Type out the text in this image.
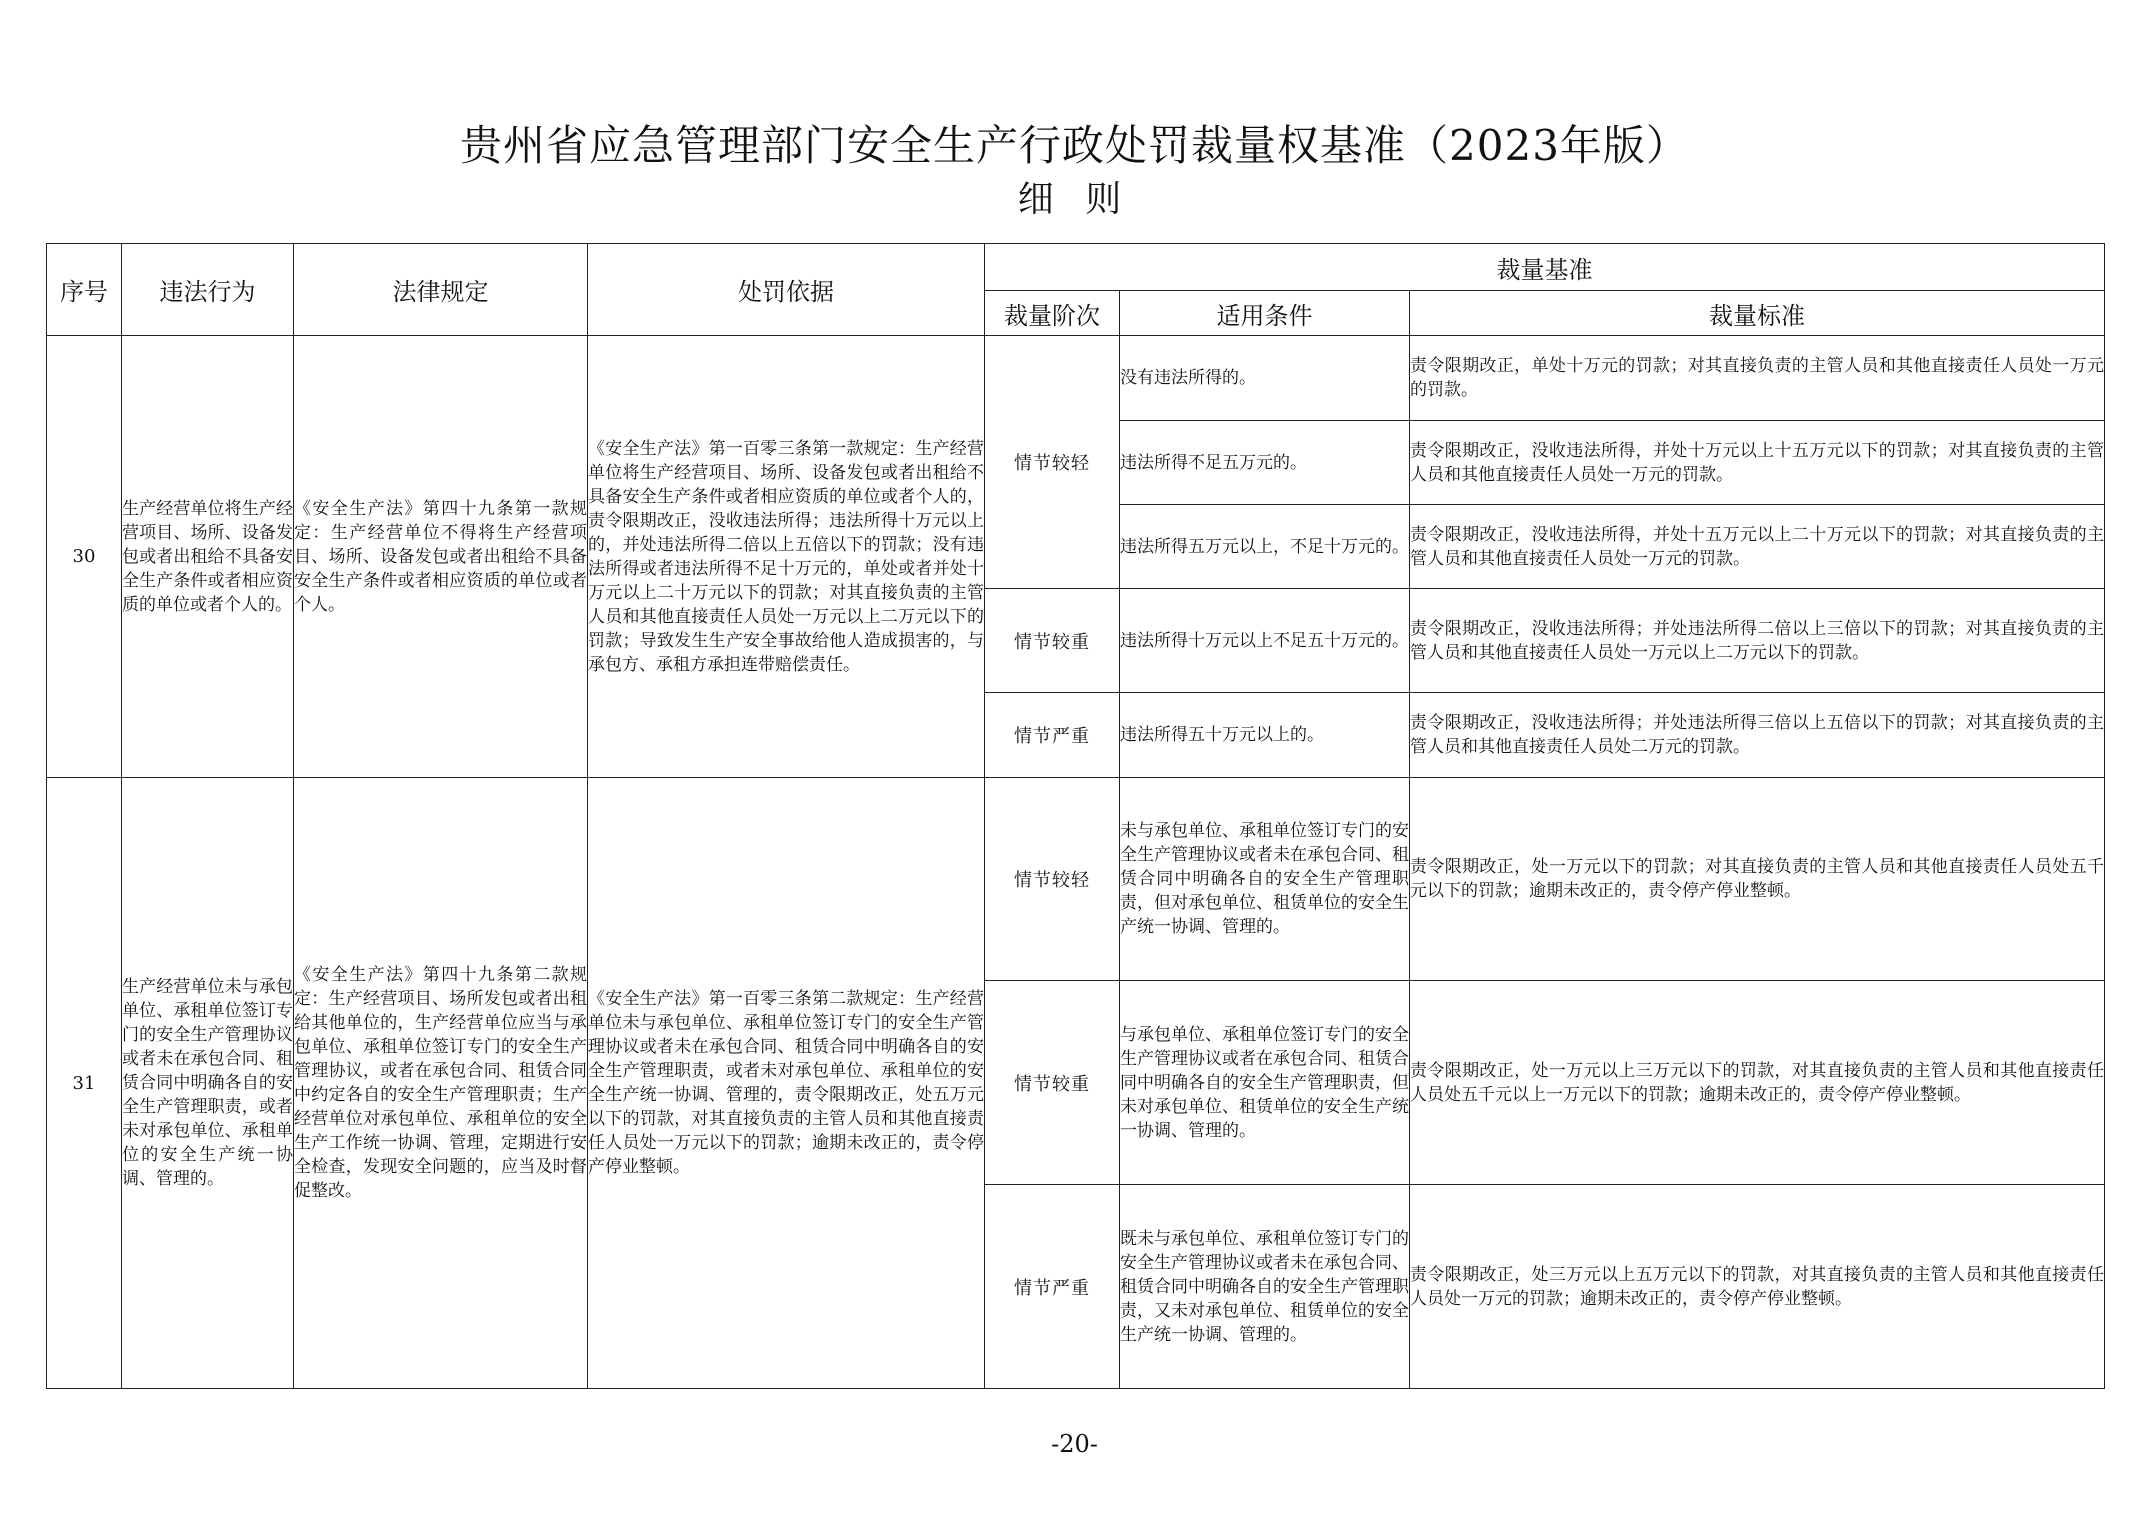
贵州省应急管理部门安全生产行政处罚裁量权基准（2023年版）
细 则
序号	违法行为	法律规定	处罚依据	裁量基准		
				裁量阶次	适用条件	裁量标准
30	生产经营单位将生产经营项目、场所、设备发包或者出租给不具备安全生产条件或者相应资质的单位或者个人的。	《安全生产法》第四十九条第一款规定：生产经营单位不得将生产经营项目、场所、设备发包或者出租给不具备安全生产条件或者相应资质的单位或者个人。	《安全生产法》第一百零三条第一款规定：生产经营单位将生产经营项目、场所、设备发包或者出租给不具备安全生产条件或者相应资质的单位或者个人的，责令限期改正，没收违法所得；违法所得十万元以上的，并处违法所得二倍以上五倍以下的罚款；没有违法所得或者违法所得不足十万元的，单处或者并处十万元以上二十万元以下的罚款；对其直接负责的主管人员和其他直接责任人员处一万元以上二万元以下的罚款；导致发生生产安全事故给他人造成损害的，与承包方、承租方承担连带赔偿责任。	情节较轻	没有违法所得的。	责令限期改正，单处十万元的罚款；对其直接负责的主管人员和其他直接责任人员处一万元的罚款。
					违法所得不足五万元的。	责令限期改正，没收违法所得，并处十万元以上十五万元以下的罚款；对其直接负责的主管人员和其他直接责任人员处一万元的罚款。
					违法所得五万元以上，不足十万元的。	责令限期改正，没收违法所得，并处十五万元以上二十万元以下的罚款；对其直接负责的主管人员和其他直接责任人员处一万元的罚款。
				情节较重	违法所得十万元以上不足五十万元的。	责令限期改正，没收违法所得；并处违法所得二倍以上三倍以下的罚款；对其直接负责的主管人员和其他直接责任人员处一万元以上二万元以下的罚款。
				情节严重	违法所得五十万元以上的。	责令限期改正，没收违法所得；并处违法所得三倍以上五倍以下的罚款；对其直接负责的主管人员和其他直接责任人员处二万元的罚款。
31	生产经营单位未与承包单位、承租单位签订专门的安全生产管理协议或者未在承包合同、租赁合同中明确各自的安全生产管理职责，或者未对承包单位、承租单位的安全生产统一协调、管理的。	《安全生产法》第四十九条第二款规定：生产经营项目、场所发包或者出租给其他单位的，生产经营单位应当与承包单位、承租单位签订专门的安全生产管理协议，或者在承包合同、租赁合同中约定各自的安全生产管理职责；生产经营单位对承包单位、承租单位的安全生产工作统一协调、管理，定期进行安全检查，发现安全问题的，应当及时督促整改。	《安全生产法》第一百零三条第二款规定：生产经营单位未与承包单位、承租单位签订专门的安全生产管理协议或者未在承包合同、租赁合同中明确各自的安全生产管理职责，或者未对承包单位、承租单位的安全生产统一协调、管理的，责令限期改正，处五万元以下的罚款，对其直接负责的主管人员和其他直接责任人员处一万元以下的罚款；逾期未改正的，责令停产停业整顿。	情节较轻	未与承包单位、承租单位签订专门的安全生产管理协议或者未在承包合同、租赁合同中明确各自的安全生产管理职责，但对承包单位、租赁单位的安全生产统一协调、管理的。	责令限期改正，处一万元以下的罚款；对其直接负责的主管人员和其他直接责任人员处五千元以下的罚款；逾期未改正的，责令停产停业整顿。
				情节较重	与承包单位、承租单位签订专门的安全生产管理协议或者在承包合同、租赁合同中明确各自的安全生产管理职责，但未对承包单位、租赁单位的安全生产统一协调、管理的。	责令限期改正，处一万元以上三万元以下的罚款，对其直接负责的主管人员和其他直接责任人员处五千元以上一万元以下的罚款；逾期未改正的，责令停产停业整顿。
				情节严重	既未与承包单位、承租单位签订专门的安全生产管理协议或者未在承包合同、租赁合同中明确各自的安全生产管理职责，又未对承包单位、租赁单位的安全生产统一协调、管理的。	责令限期改正，处三万元以上五万元以下的罚款，对其直接负责的主管人员和其他直接责任人员处一万元的罚款；逾期未改正的，责令停产停业整顿。
-20-
